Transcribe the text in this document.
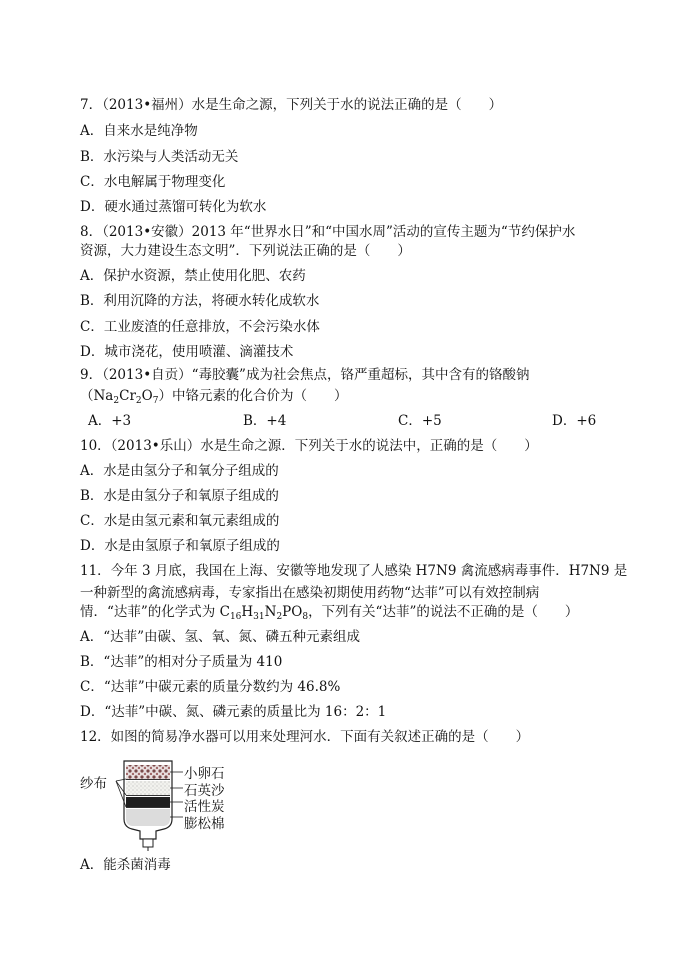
7．（2013•福州）水是生命之源，下列关于水的说法正确的是（　　）
A．自来水是纯净物
B．水污染与人类活动无关
C．水电解属于物理变化
D．硬水通过蒸馏可转化为软水
8．（2013•安徽）2013 年“世界水日”和“中国水周”活动的宣传主题为“节约保护水
资源，大力建设生态文明”．下列说法正确的是（　　）
A．保护水资源，禁止使用化肥、农药
B．利用沉降的方法，将硬水转化成软水
C．工业废渣的任意排放，不会污染水体
D．城市浇花，使用喷灌、滴灌技术
9．（2013•自贡）“毒胶囊”成为社会焦点，铬严重超标，其中含有的铬酸钠
$(Na_2Cr_2O_7)$中铬元素的化合价为（　　）
A．+3	B．+4	C．+5	D．+6
10．（2013•乐山）水是生命之源．下列关于水的说法中，正确的是（　　）
A．水是由氢分子和氧分子组成的
B．水是由氢分子和氧原子组成的
C．水是由氢元素和氧元素组成的
D．水是由氢原子和氧原子组成的
11．今年 3 月底，我国在上海、安徽等地发现了人感染 H7N9 禽流感病毒事件．H7N9 是
一种新型的禽流感病毒，专家指出在感染初期使用药物“达菲”可以有效控制病
情．“达菲”的化学式为 $C_{16}H_{31}N_2PO_8$，下列有关“达菲”的说法不正确的是（　　）
A．“达菲”由碳、氢、氧、氮、磷五种元素组成
B．“达菲”的相对分子质量为 410
C．“达菲”中碳元素的质量分数约为 46.8%
D．“达菲”中碳、氮、磷元素的质量比为 16：2：1
12．如图的简易净水器可以用来处理河水．下面有关叙述正确的是（　　）
纱布
小卵石
石英沙
活性炭
膨松棉
A．能杀菌消毒
